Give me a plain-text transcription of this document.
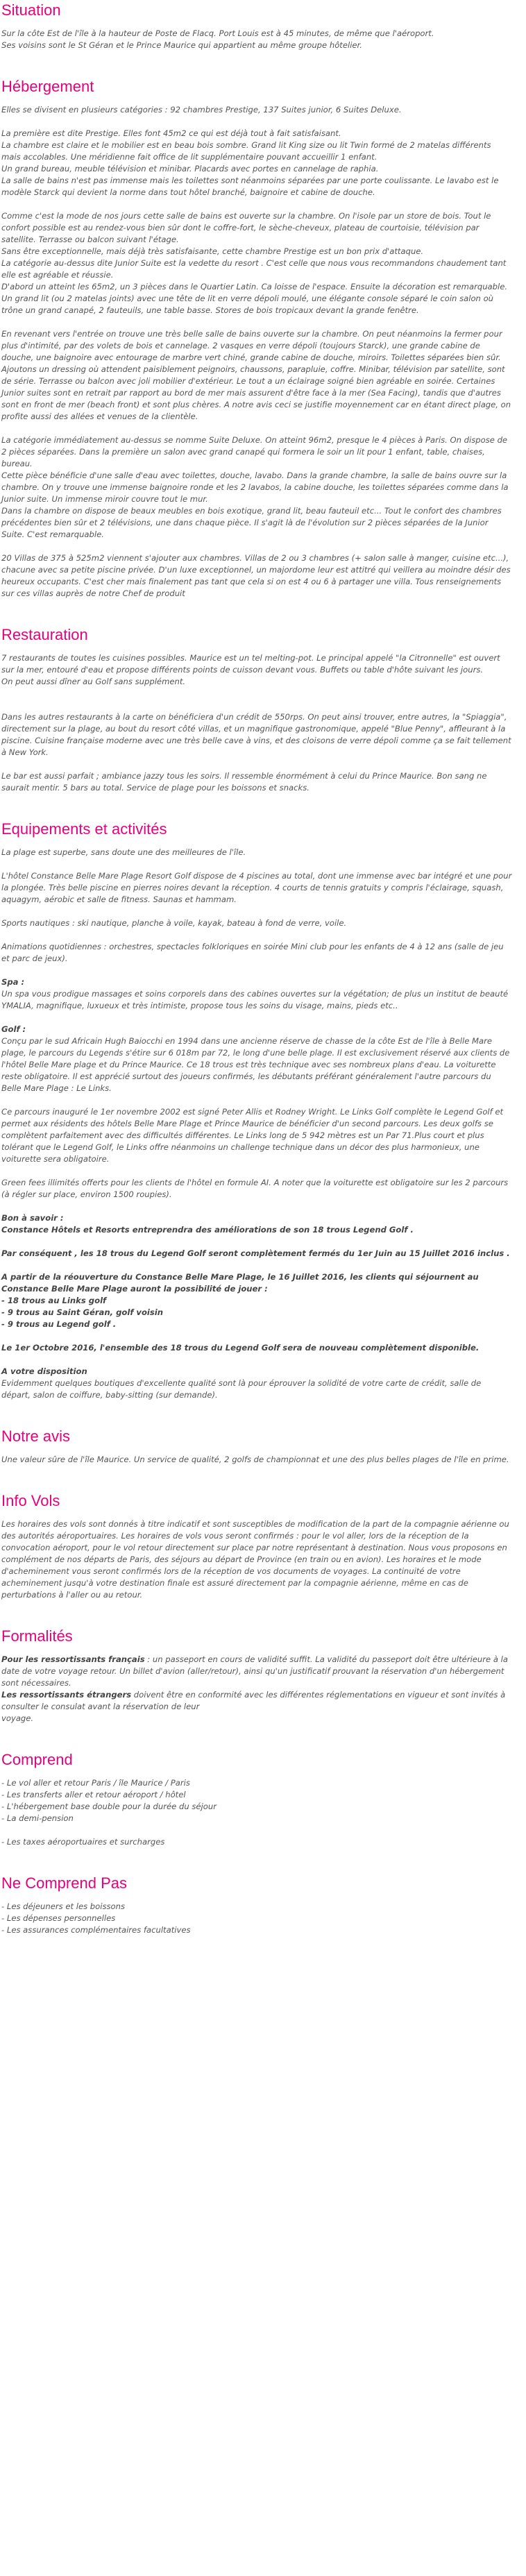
Situation

Sur la côte Est de l'île à la hauteur de Poste de Flacq. Port Louis est à 45 minutes, de même que l'aéroport.

Ses voisins sont le St Géran et le Prince Maurice qui appartient au même groupe hôtelier.

Hébergement

Elles se divisent en plusieurs catégories : 92 chambres Prestige, 137 Suites junior, 6 Suites Deluxe.

La première est dite Prestige. Elles font 45m2 ce qui est déjà tout à fait satisfaisant.
La chambre est claire et le mobilier est en beau bois sombre. Grand lit King size ou lit Twin formé de 2 matelas différents mais accolables. Une méridienne fait office de lit supplémentaire pouvant accueillir 1 enfant.
Un grand bureau, meuble télévision et minibar. Placards avec portes en cannelage de raphia.
La salle de bains n'est pas immense mais les toilettes sont néanmoins séparées par une porte coulissante. Le lavabo est le modèle Starck qui devient la norme dans tout hôtel branché, baignoire et cabine de douche.
Comme c'est la mode de nos jours cette salle de bains est ouverte sur la chambre. On l'isole par un store de bois. Tout le confort possible est au rendez-vous bien sûr dont le coffre-fort, le sèche-cheveux, plateau de courtoisie, télévision par satellite. Terrasse ou balcon suivant l'étage.
Sans être exceptionnelle, mais déjà très satisfaisante, cette chambre Prestige est un bon prix d'attaque.
La catégorie au-dessus dite Junior Suite est la vedette du resort . C'est celle que nous vous recommandons chaudement tant elle est agréable et réussie.
D'abord un atteint les 65m2, un 3 pièces dans le Quartier Latin. Ca loisse de l'espace. Ensuite la décoration est remarquable.
Un grand lit (ou 2 matelas joints) avec une tête de lit en verre dépoli moulé, une élégante console séparé le coin salon où trône un grand canapé, 2 fauteuils, une table basse. Stores de bois tropicaux devant la grande fenêtre.
En revenant vers l'entrée on trouve une très belle salle de bains ouverte sur la chambre. On peut néanmoins la fermer pour plus d'intimité, par des volets de bois et cannelage. 2 vasques en verre dépoli (toujours Starck), une grande cabine de douche, une baignoire avec entourage de marbre vert chiné, grande cabine de douche, miroirs. Toilettes séparées bien sûr.
Ajoutons un dressing où attendent paisiblement peignoirs, chaussons, parapluie, coffre. Minibar, télévision par satellite, sont de série. Terrasse ou balcon avec joli mobilier d'extérieur. Le tout a un éclairage soigné bien agréable en soirée. Certaines Junior suites sont en retrait par rapport au bord de mer mais assurent d'être face à la mer (Sea Facing), tandis que d'autres sont en front de mer (beach front) et sont plus chères. A notre avis ceci se justifie moyennement car en étant direct plage, on profite aussi des allées et venues de la clientèle.
La catégorie immédiatement au-dessus se nomme Suite Deluxe. On atteint 96m2, presque le 4 pièces à Paris. On dispose de 2 pièces séparées. Dans la première un salon avec grand canapé qui formera le soir un lit pour 1 enfant, table, chaises, bureau.
Cette pièce bénéficie d'une salle d'eau avec toilettes, douche, lavabo. Dans la grande chambre, la salle de bains ouvre sur la chambre. On y trouve une immense baignoire ronde et les 2 lavabos, la cabine douche, les toilettes séparées comme dans la Junior suite. Un immense miroir couvre tout le mur.
Dans la chambre on dispose de beaux meubles en bois exotique, grand lit, beau fauteuil etc... Tout le confort des chambres précédentes bien sûr et 2 télévisions, une dans chaque pièce. Il s'agit là de l'évolution sur 2 pièces séparées de la Junior Suite. C'est remarquable.
20 Villas de 375 à 525m2 viennent s'ajouter aux chambres. Villas de 2 ou 3 chambres (+ salon salle à manger, cuisine etc...), chacune avec sa petite piscine privée. D'un luxe exceptionnel, un majordome leur est attitré qui veillera au moindre désir des heureux occupants. C'est cher mais finalement pas tant que cela si on est 4 ou 6 à partager une villa. Tous renseignements sur ces villas auprès de notre Chef de produit
Restauration
7 restaurants de toutes les cuisines possibles. Maurice est un tel melting-pot. Le principal appelé "la Citronnelle" est ouvert sur la mer, entouré d'eau et propose différents points de cuisson devant vous. Buffets ou table d'hôte suivant les jours.
On peut aussi dîner au Golf sans supplément.

Dans les autres restaurants à la carte on bénéficiera d'un crédit de 550rps. On peut ainsi trouver, entre autres, la "Spiaggia", directement sur la plage, au bout du resort côté villas, et un magnifique gastronomique, appelé "Blue Penny", affleurant à la piscine. Cuisine française moderne avec une très belle cave à vins, et des cloisons de verre dépoli comme ça se fait tellement à New York.

Le bar est aussi parfait ; ambiance jazzy tous les soirs. Il ressemble énormément à celui du Prince Maurice. Bon sang ne saurait mentir. 5 bars au total. Service de plage pour les boissons et snacks.

Equipements et activités

La plage est superbe, sans doute une des meilleures de l'île.

L'hôtel Constance Belle Mare Plage Resort Golf dispose de 4 piscines au total, dont une immense avec bar intégré et une pour la plongée. Très belle piscine en pierres noires devant la réception. 4 courts de tennis gratuits y compris l'éclairage, squash, aquagym, aérobic et salle de fitness. Saunas et hammam.

Sports nautiques : ski nautique, planche à voile, kayak, bateau à fond de verre, voile.

Animations quotidiennes : orchestres, spectacles folkloriques en soirée Mini club pour les enfants de 4 à 12 ans (salle de jeu et parc de jeux).

Spa :
Un spa vous prodigue massages et soins corporels dans des cabines ouvertes sur la végétation; de plus un institut de beauté YMALIA, magnifique, luxueux et très intimiste, propose tous les soins du visage, mains, pieds etc..
Golf :
Conçu par le sud Africain Hugh Baiocchi en 1994 dans une ancienne réserve de chasse de la côte Est de l'île à Belle Mare plage, le parcours du Legends s'étire sur 6 018m par 72, le long d'une belle plage. Il est exclusivement réservé aux clients de l'hôtel Belle Mare plage et du Prince Maurice. Ce 18 trous est très technique avec ses nombreux plans d'eau. La voiturette reste obligatoire. Il est apprécié surtout des joueurs confirmés, les débutants préférant généralement l'autre parcours du Belle Mare Plage : Le Links.

Ce parcours inauguré le 1er novembre 2002 est signé Peter Allis et Rodney Wright. Le Links Golf complète le Legend Golf et permet aux résidents des hôtels Belle Mare Plage et Prince Maurice de bénéficier d'un second parcours. Les deux golfs se complètent parfaitement avec des difficultés différentes. Le Links long de 5 942 mètres est un Par 71.Plus court et plus tolérant que le Legend Golf, le Links offre néanmoins un challenge technique dans un décor des plus harmonieux, une voiturette sera obligatoire.

Green fees illimités offerts pour les clients de l'hôtel en formule AI. A noter que la voiturette est obligatoire sur les 2 parcours (à régler sur place, environ 1500 roupies).

Bon à savoir :
Constance Hôtels et Resorts entreprendra des améliorations de son 18 trous Legend Golf .

Par conséquent , les 18 trous du Legend Golf seront complètement fermés du 1er Juin au 15 Juillet 2016 inclus .

A partir de la réouverture du Constance Belle Mare Plage, le 16 Juillet 2016, les clients qui séjournent au Constance Belle Mare Plage auront la possibilité de jouer :
- 18 trous au Links golf
- 9 trous au Saint Géran, golf voisin
- 9 trous au Legend golf .

Le 1er Octobre 2016, l'ensemble des 18 trous du Legend Golf sera de nouveau complètement disponible.

A votre disposition
Evidemment quelques boutiques d'excellente qualité sont là pour éprouver la solidité de votre carte de crédit, salle de départ, salon de coiffure, baby-sitting (sur demande).
Notre avis

Une valeur sûre de l'île Maurice. Un service de qualité, 2 golfs de championnat et une des plus belles plages de l'île en prime.

Info Vols

Les horaires des vols sont donnés à titre indicatif et sont susceptibles de modification de la part de la compagnie aérienne ou des autorités aéroportuaires. Les horaires de vols vous seront confirmés : pour le vol aller, lors de la réception de la convocation aéroport, pour le vol retour directement sur place par notre représentant à destination. Nous vous proposons en complément de nos départs de Paris, des séjours au départ de Province (en train ou en avion). Les horaires et le mode d'acheminement vous seront confirmés lors de la réception de vos documents de voyages. La continuité de votre acheminement jusqu'à votre destination finale est assuré directement par la compagnie aérienne, même en cas de perturbations à l'aller ou au retour.

Formalités
Pour les ressortissants français : un passeport en cours de validité suffit. La validité du passeport doit être ultérieure à la date de votre voyage retour. Un billet d'avion (aller/retour), ainsi qu'un justificatif prouvant la réservation d'un hébergement sont nécessaires.
Les ressortissants étrangers doivent être en conformité avec les différentes réglementations en vigueur et sont invités à consulter le consulat avant la réservation de leur
voyage.
Comprend
- Le vol aller et retour Paris / île Maurice / Paris
- Les transferts aller et retour aéroport / hôtel
- L'hébergement base double pour la durée du séjour
- La demi-pension
- Les taxes aéroportuaires et surcharges
Ne Comprend Pas
- Les déjeuners et les boissons
- Les dépenses personnelles
- Les assurances complémentaires facultatives
